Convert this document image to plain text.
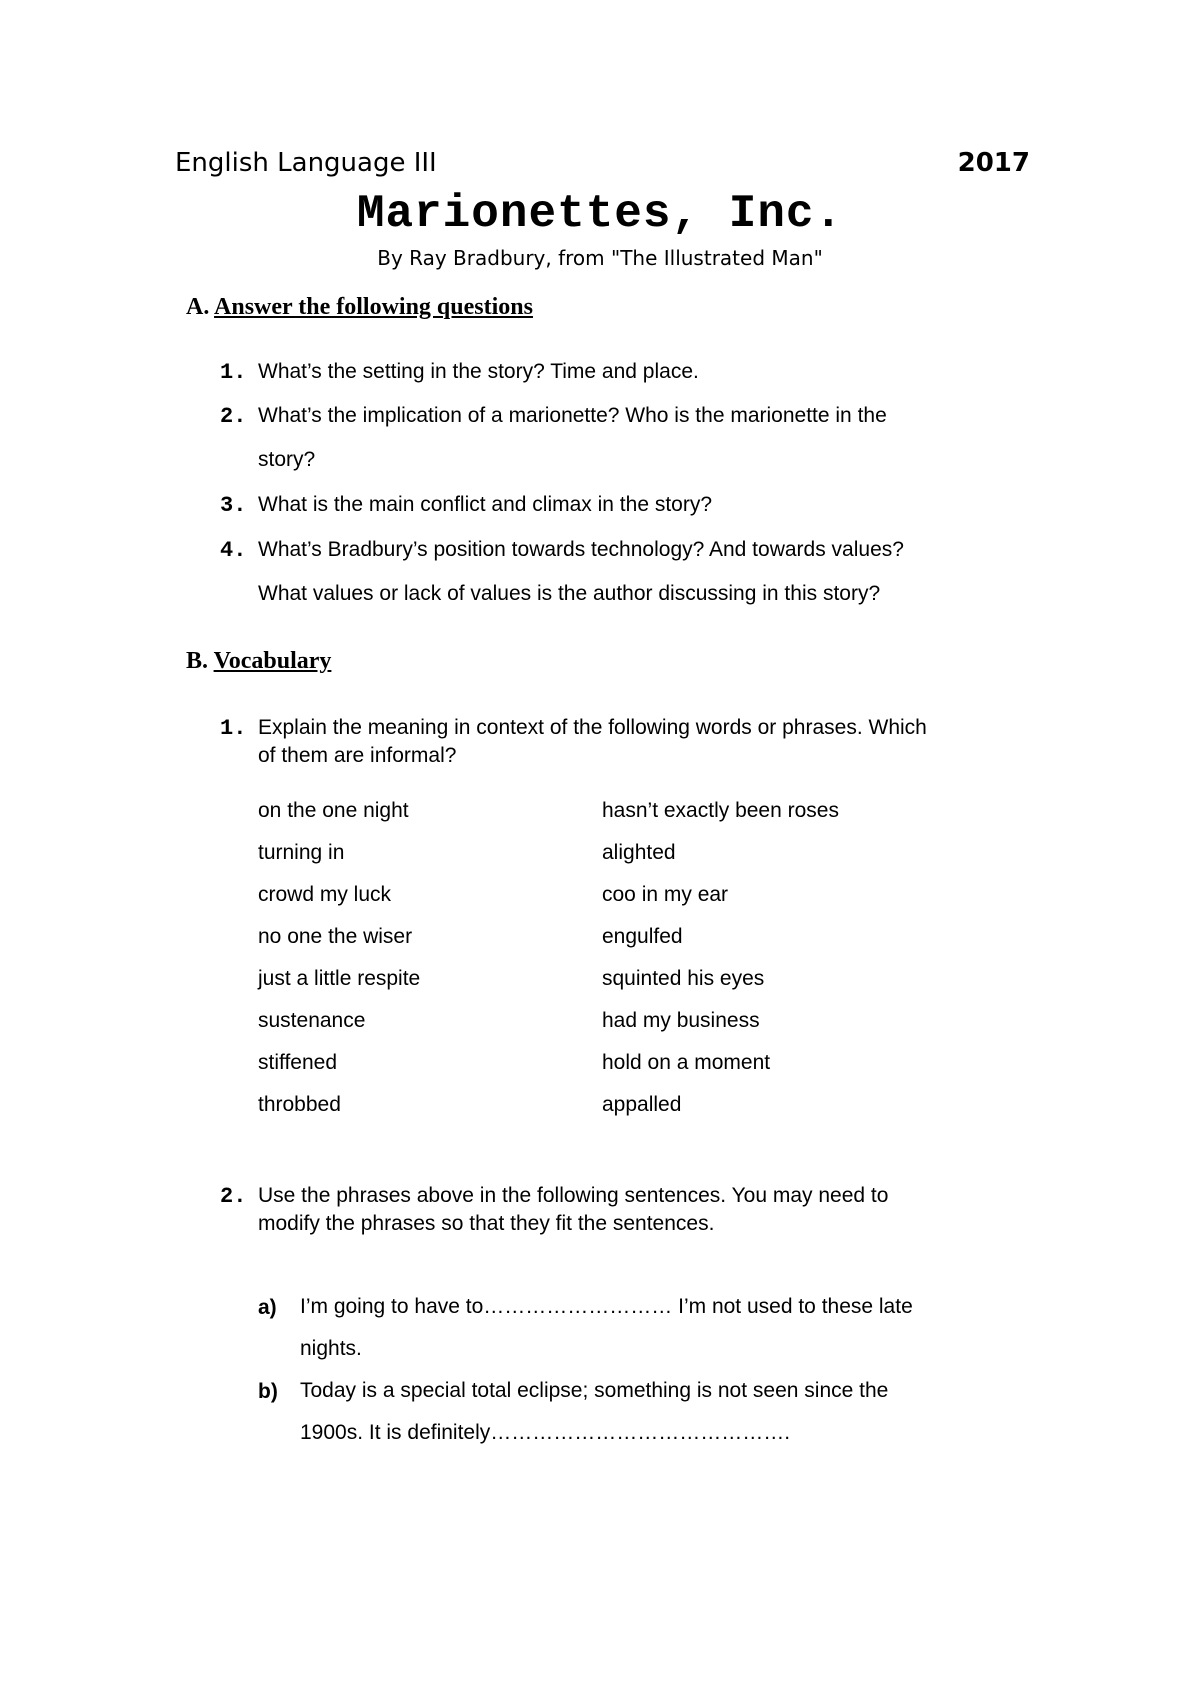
English Language III	2017
Marionettes, Inc.
By Ray Bradbury, from "The Illustrated Man"
A. Answer the following questions
1. What’s the setting in the story? Time and place.
2. What’s the implication of a marionette? Who is the marionette in the
story?
3. What is the main conflict and climax in the story?
4. What’s Bradbury’s position towards technology? And towards values?
What values or lack of values is the author discussing in this story?
B. Vocabulary
1. Explain the meaning in context of the following words or phrases. Which
of them are informal?
on the one night	hasn’t exactly been roses
turning in	alighted
crowd my luck	coo in my ear
no one the wiser	engulfed
just a little respite	squinted his eyes
sustenance	had my business
stiffened	hold on a moment
throbbed	appalled
2. Use the phrases above in the following sentences. You may need to
modify the phrases so that they fit the sentences.
a) I’m going to have to……………………… I’m not used to these late
nights.
b) Today is a special total eclipse; something is not seen since the
1900s. It is definitely…………………………………….
